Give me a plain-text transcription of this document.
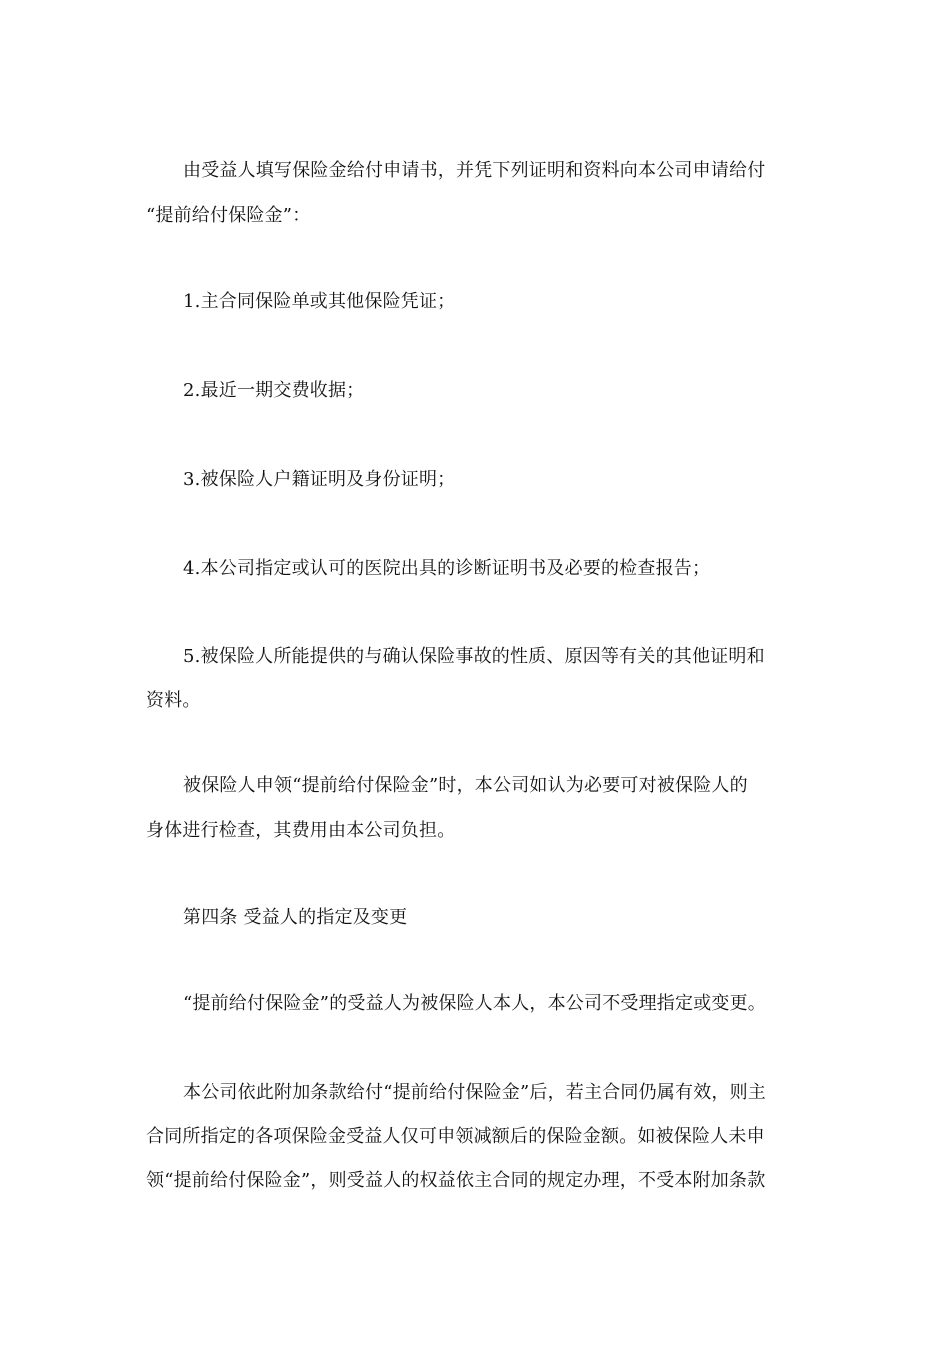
由受益人填写保险金给付申请书，并凭下列证明和资料向本公司申请给付
“提前给付保险金”：
1.主合同保险单或其他保险凭证；
2.最近一期交费收据；
3.被保险人户籍证明及身份证明；
4.本公司指定或认可的医院出具的诊断证明书及必要的检查报告；
5.被保险人所能提供的与确认保险事故的性质、原因等有关的其他证明和
资料。
被保险人申领“提前给付保险金”时，本公司如认为必要可对被保险人的
身体进行检查，其费用由本公司负担。
第四条 受益人的指定及变更
“提前给付保险金”的受益人为被保险人本人，本公司不受理指定或变更。
本公司依此附加条款给付“提前给付保险金”后，若主合同仍属有效，则主
合同所指定的各项保险金受益人仅可申领减额后的保险金额。如被保险人未申
领“提前给付保险金”，则受益人的权益依主合同的规定办理，不受本附加条款
